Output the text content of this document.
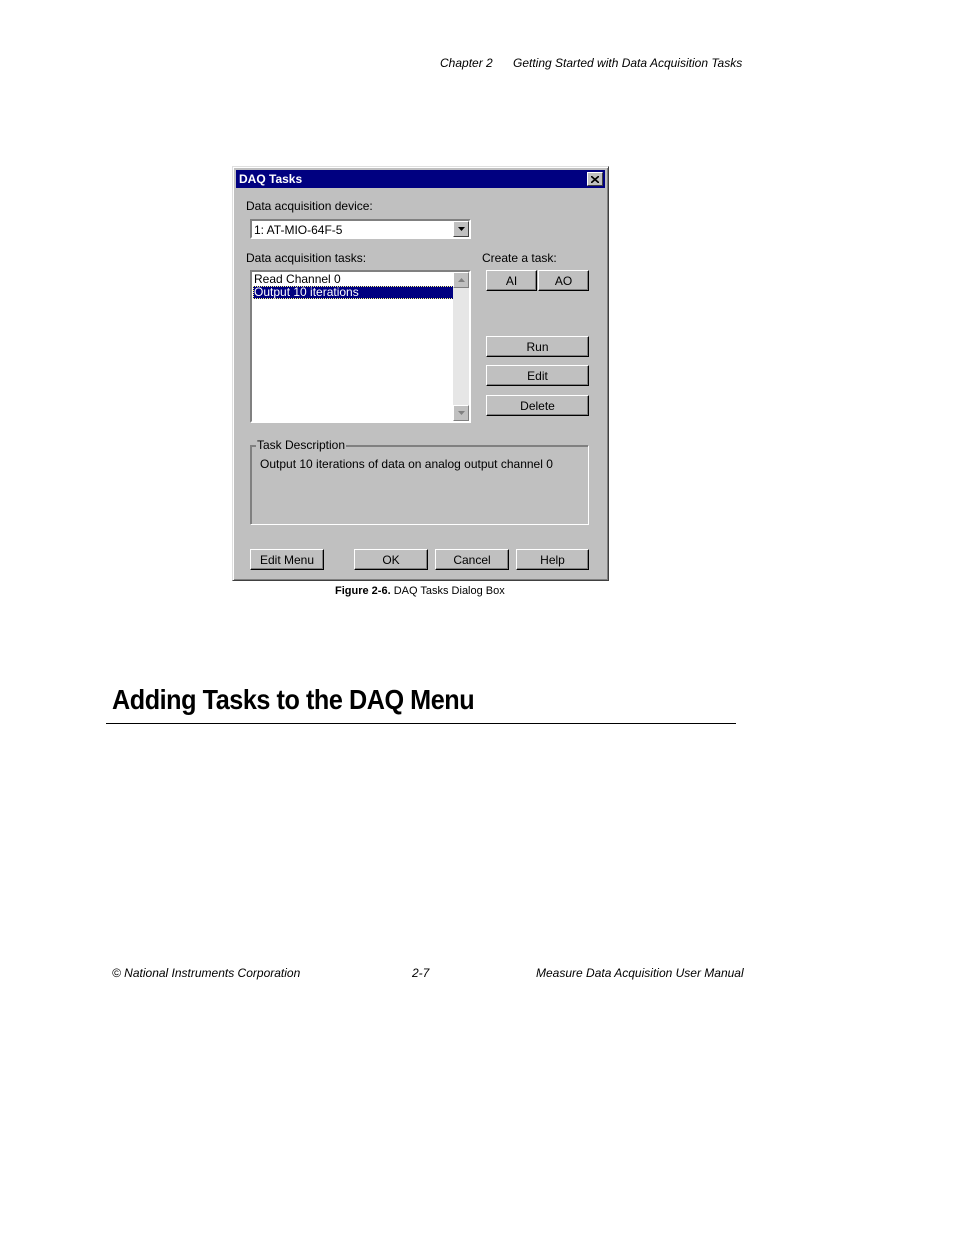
Chapter 2 Getting Started with Data Acquisition Tasks
DAQ Tasks
Data acquisition device:
1: AT-MIO-64F-5
Data acquisition tasks:
Read Channel 0
Output 10 iterations
Create a task:
AI	AO
Run
Edit
Delete
Task Description
Output 10 iterations of data on analog output channel 0
Edit Menu	OK	Cancel	Help
Figure 2-6. DAQ Tasks Dialog Box
Adding Tasks to the DAQ Menu
© National Instruments Corporation	2-7	Measure Data Acquisition User Manual
